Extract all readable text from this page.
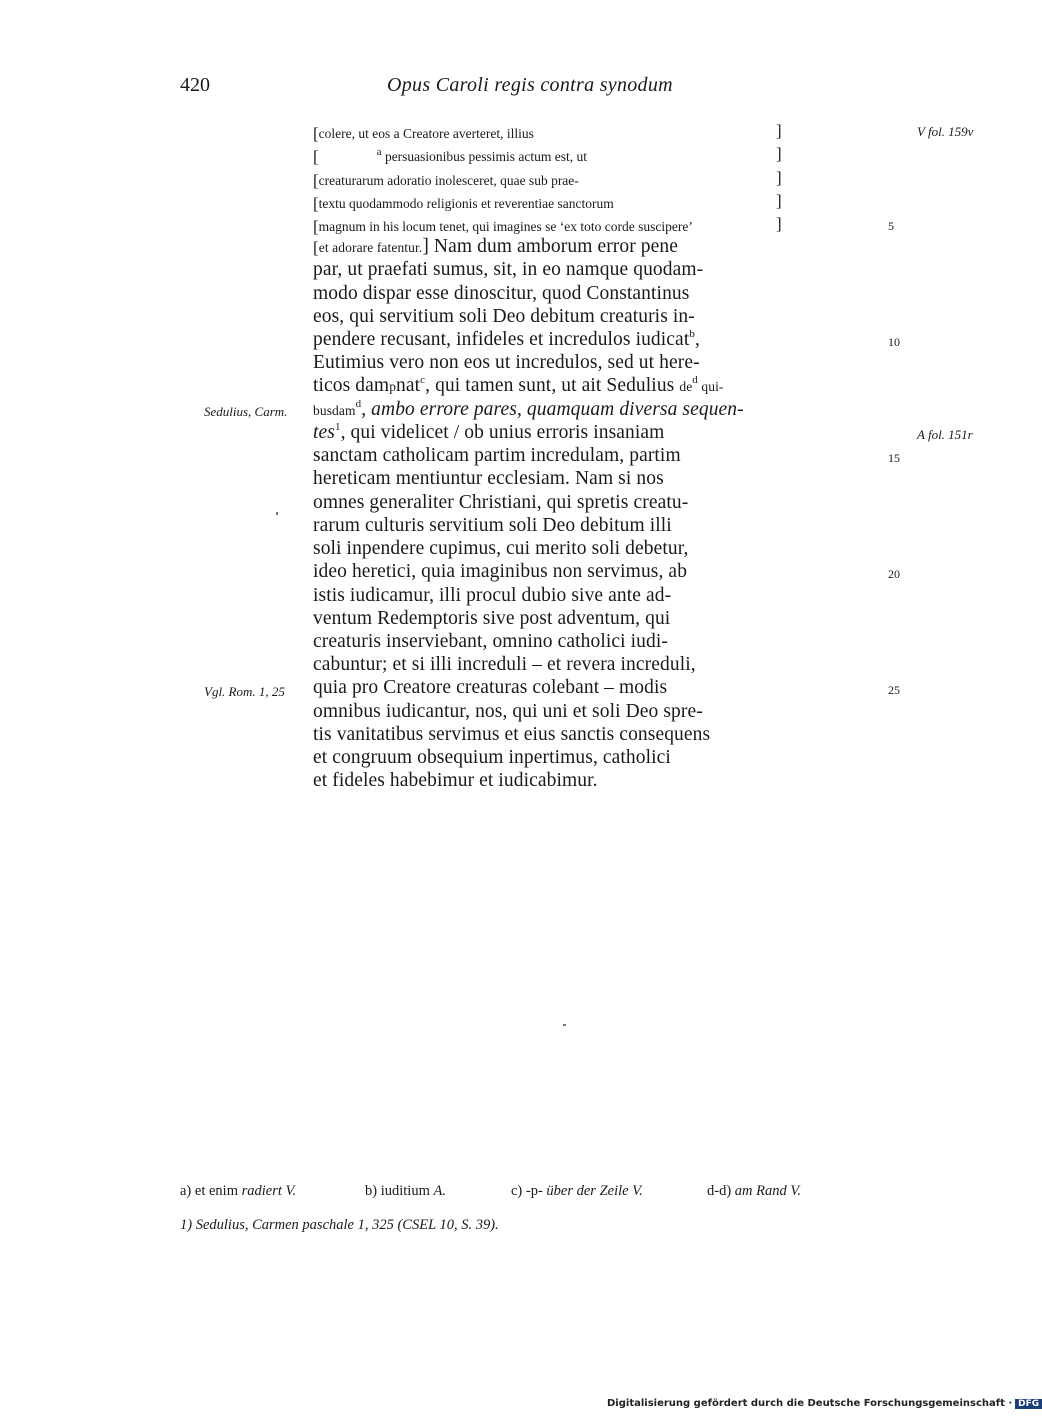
420	Opus Caroli regis contra synodum
[colere, ut eos a Creatore averteret, illius
[	$^a$ persuasionibus pessimis actum est, ut
[creaturarum adoratio inolesceret, quae sub prae-
[textu quodammodo religionis et reverentiae sanctorum
[magnum in his locum tenet, qui imagines se ‘ex toto corde suscipere’
]
]
]
]
]
[et adorare fatentur.] Nam dum amborum error pene
par, ut praefati sumus, sit, in eo namque quodam-
modo dispar esse dinoscitur, quod Constantinus
eos, qui servitium soli Deo debitum creaturis in-
pendere recusant, infideles et incredulos iudicat$^b$,
Eutimius vero non eos ut incredulos, sed ut here-
ticos dampnat$^c$, qui tamen sunt, ut ait Sedulius $de^d$ qui-
busdam$^d$, ambo errore pares, quamquam diversa sequen-
tes$^1$, qui videlicet / ob unius erroris insaniam
sanctam catholicam partim incredulam, partim
hereticam mentiuntur ecclesiam. Nam si nos
omnes generaliter Christiani, qui spretis creatu-
rarum culturis servitium soli Deo debitum illi
soli inpendere cupimus, cui merito soli debetur,
ideo heretici, quia imaginibus non servimus, ab
istis iudicamur, illi procul dubio sive ante ad-
ventum Redemptoris sive post adventum, qui
creaturis inserviebant, omnino catholici iudi-
cabuntur; et si illi increduli – et revera increduli,
quia pro Creatore creaturas colebant – modis
omnibus iudicantur, nos, qui uni et soli Deo spre-
tis vanitatibus servimus et eius sanctis consequens
et congruum obsequium inpertimus, catholici
et fideles habebimur et iudicabimur.
5
10
15
20
25
V fol. 159v
A fol. 151r
Sedulius, Carm.
Vgl. Rom. 1, 25
a) et enim radiert V.	b) iuditium A.	c) -p- über der Zeile V.	d-d) am Rand V.
1) Sedulius, Carmen paschale 1, 325 (CSEL 10, S. 39).
Digitalisierung gefördert durch die Deutsche Forschungsgemeinschaft · DFG
